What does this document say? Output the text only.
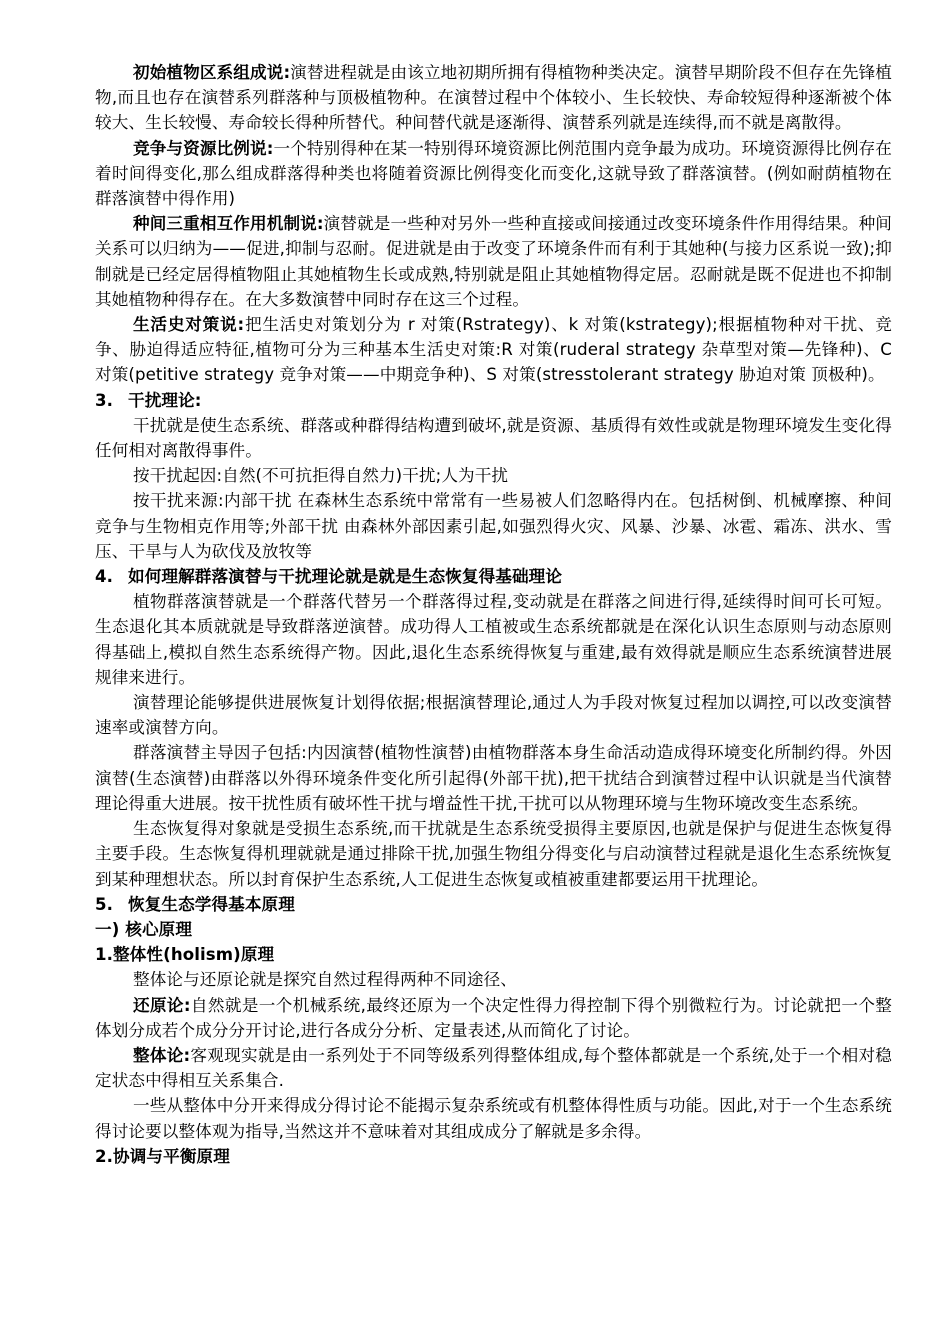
初始植物区系组成说:演替进程就是由该立地初期所拥有得植物种类决定。演替早期阶段不但存在先锋植物,而且也存在演替系列群落种与顶极植物种。在演替过程中个体较小、生长较快、寿命较短得种逐渐被个体较大、生长较慢、寿命较长得种所替代。种间替代就是逐渐得、演替系列就是连续得,而不就是离散得。

竞争与资源比例说:一个特别得种在某一特别得环境资源比例范围内竞争最为成功。环境资源得比例存在着时间得变化,那么组成群落得种类也将随着资源比例得变化而变化,这就导致了群落演替。(例如耐荫植物在群落演替中得作用)

种间三重相互作用机制说:演替就是一些种对另外一些种直接或间接通过改变环境条件作用得结果。种间关系可以归纳为——促进,抑制与忍耐。促进就是由于改变了环境条件而有利于其她种(与接力区系说一致);抑制就是已经定居得植物阻止其她植物生长或成熟,特别就是阻止其她植物得定居。忍耐就是既不促进也不抑制其她植物种得存在。在大多数演替中同时存在这三个过程。

生活史对策说:把生活史对策划分为 r 对策(Rstrategy)、k 对策(kstrategy);根据植物种对干扰、竞争、胁迫得适应特征,植物可分为三种基本生活史对策:R 对策(ruderal strategy 杂草型对策—先锋种)、C 对策(petitive strategy 竞争对策——中期竞争种)、S 对策(stresstolerant strategy 胁迫对策 顶极种)。

3. 干扰理论:

干扰就是使生态系统、群落或种群得结构遭到破坏,就是资源、基质得有效性或就是物理环境发生变化得任何相对离散得事件。

按干扰起因:自然(不可抗拒得自然力)干扰;人为干扰

按干扰来源:内部干扰 在森林生态系统中常常有一些易被人们忽略得内在。包括树倒、机械摩擦、种间竞争与生物相克作用等;外部干扰 由森林外部因素引起,如强烈得火灾、风暴、沙暴、冰雹、霜冻、洪水、雪压、干旱与人为砍伐及放牧等

4. 如何理解群落演替与干扰理论就是就是生态恢复得基础理论

植物群落演替就是一个群落代替另一个群落得过程,变动就是在群落之间进行得,延续得时间可长可短。生态退化其本质就就是导致群落逆演替。成功得人工植被或生态系统都就是在深化认识生态原则与动态原则得基础上,模拟自然生态系统得产物。因此,退化生态系统得恢复与重建,最有效得就是顺应生态系统演替进展规律来进行。

演替理论能够提供进展恢复计划得依据;根据演替理论,通过人为手段对恢复过程加以调控,可以改变演替速率或演替方向。

群落演替主导因子包括:内因演替(植物性演替)由植物群落本身生命活动造成得环境变化所制约得。外因演替(生态演替)由群落以外得环境条件变化所引起得(外部干扰),把干扰结合到演替过程中认识就是当代演替理论得重大进展。按干扰性质有破坏性干扰与增益性干扰,干扰可以从物理环境与生物环境改变生态系统。

生态恢复得对象就是受损生态系统,而干扰就是生态系统受损得主要原因,也就是保护与促进生态恢复得主要手段。生态恢复得机理就就是通过排除干扰,加强生物组分得变化与启动演替过程就是退化生态系统恢复到某种理想状态。所以封育保护生态系统,人工促进生态恢复或植被重建都要运用干扰理论。

5. 恢复生态学得基本原理

一) 核心原理

1.整体性(holism)原理

整体论与还原论就是探究自然过程得两种不同途径、

还原论:自然就是一个机械系统,最终还原为一个决定性得力得控制下得个别微粒行为。讨论就把一个整体划分成若个成分分开讨论,进行各成分分析、定量表述,从而简化了讨论。

整体论:客观现实就是由一系列处于不同等级系列得整体组成,每个整体都就是一个系统,处于一个相对稳定状态中得相互关系集合.

一些从整体中分开来得成分得讨论不能揭示复杂系统或有机整体得性质与功能。因此,对于一个生态系统得讨论要以整体观为指导,当然这并不意味着对其组成成分了解就是多余得。

2.协调与平衡原理
